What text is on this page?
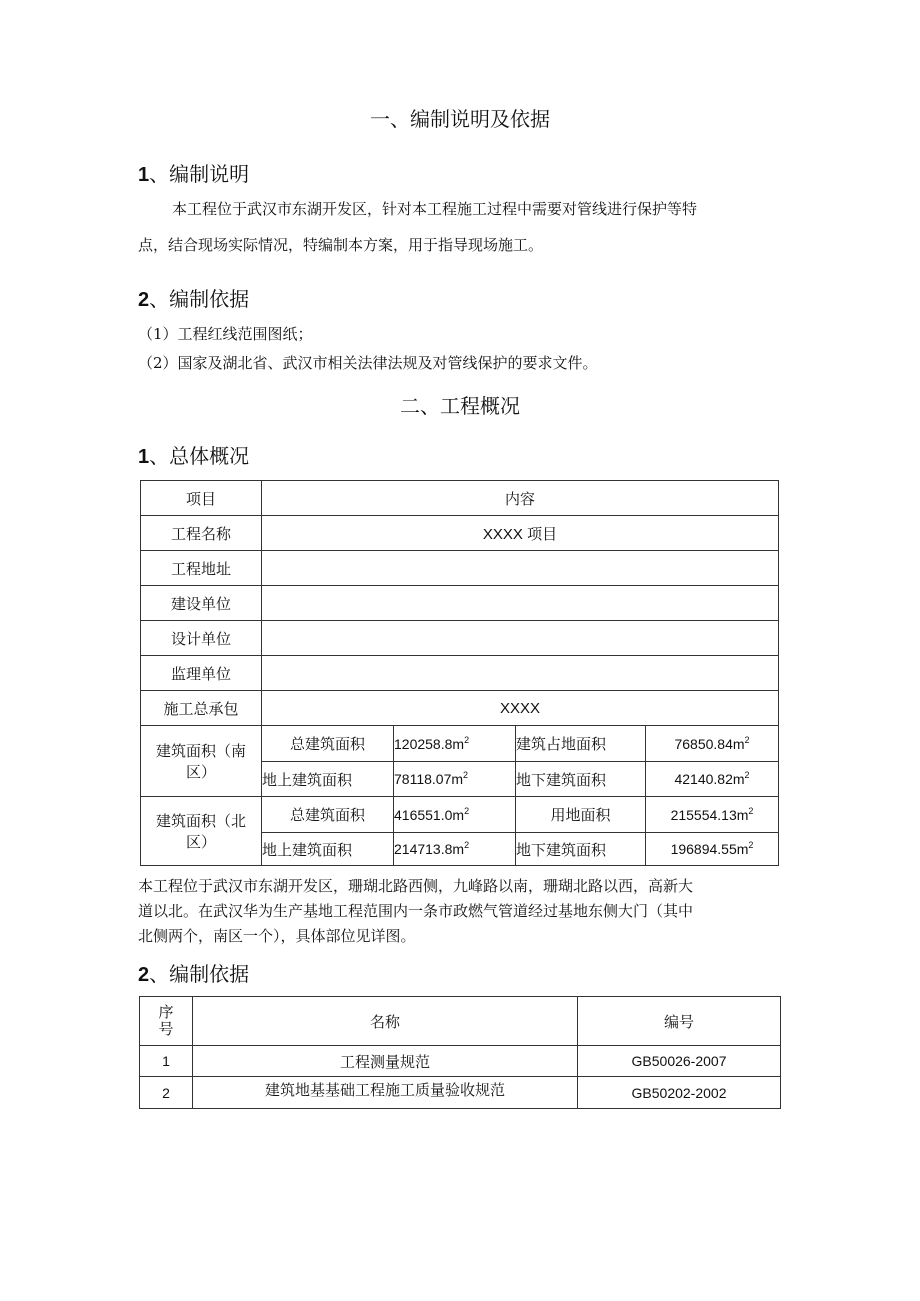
一、编制说明及依据
1、编制说明
本工程位于武汉市东湖开发区，针对本工程施工过程中需要对管线进行保护等特
点，结合现场实际情况，特编制本方案，用于指导现场施工。
2、编制依据
（1）工程红线范围图纸；
（2）国家及湖北省、武汉市相关法律法规及对管线保护的要求文件。
二、工程概况
1、总体概况
项目	内容			
工程名称	XXXX 项目			
工程地址				
建设单位				
设计单位				
监理单位				
施工总承包	XXXX			
建筑面积（南
区）	总建筑面积	$120258.8m^2$	建筑占地面积	$76850.84m^2$
	地上建筑面积	$78118.07m^2$	地下建筑面积	$42140.82m^2$
建筑面积（北
区）	总建筑面积	$416551.0m^2$	用地面积	$215554.13m^2$
	地上建筑面积	$214713.8m^2$	地下建筑面积	$196894.55m^2$
本工程位于武汉市东湖开发区，珊瑚北路西侧，九峰路以南，珊瑚北路以西，高新大
道以北。在武汉华为生产基地工程范围内一条市政燃气管道经过基地东侧大门（其中
北侧两个，南区一个），具体部位见详图。
2、编制依据
序
号	名称	编号
1	工程测量规范	GB50026-2007
2	建筑地基基础工程施工质量验收规范	GB50202-2002
